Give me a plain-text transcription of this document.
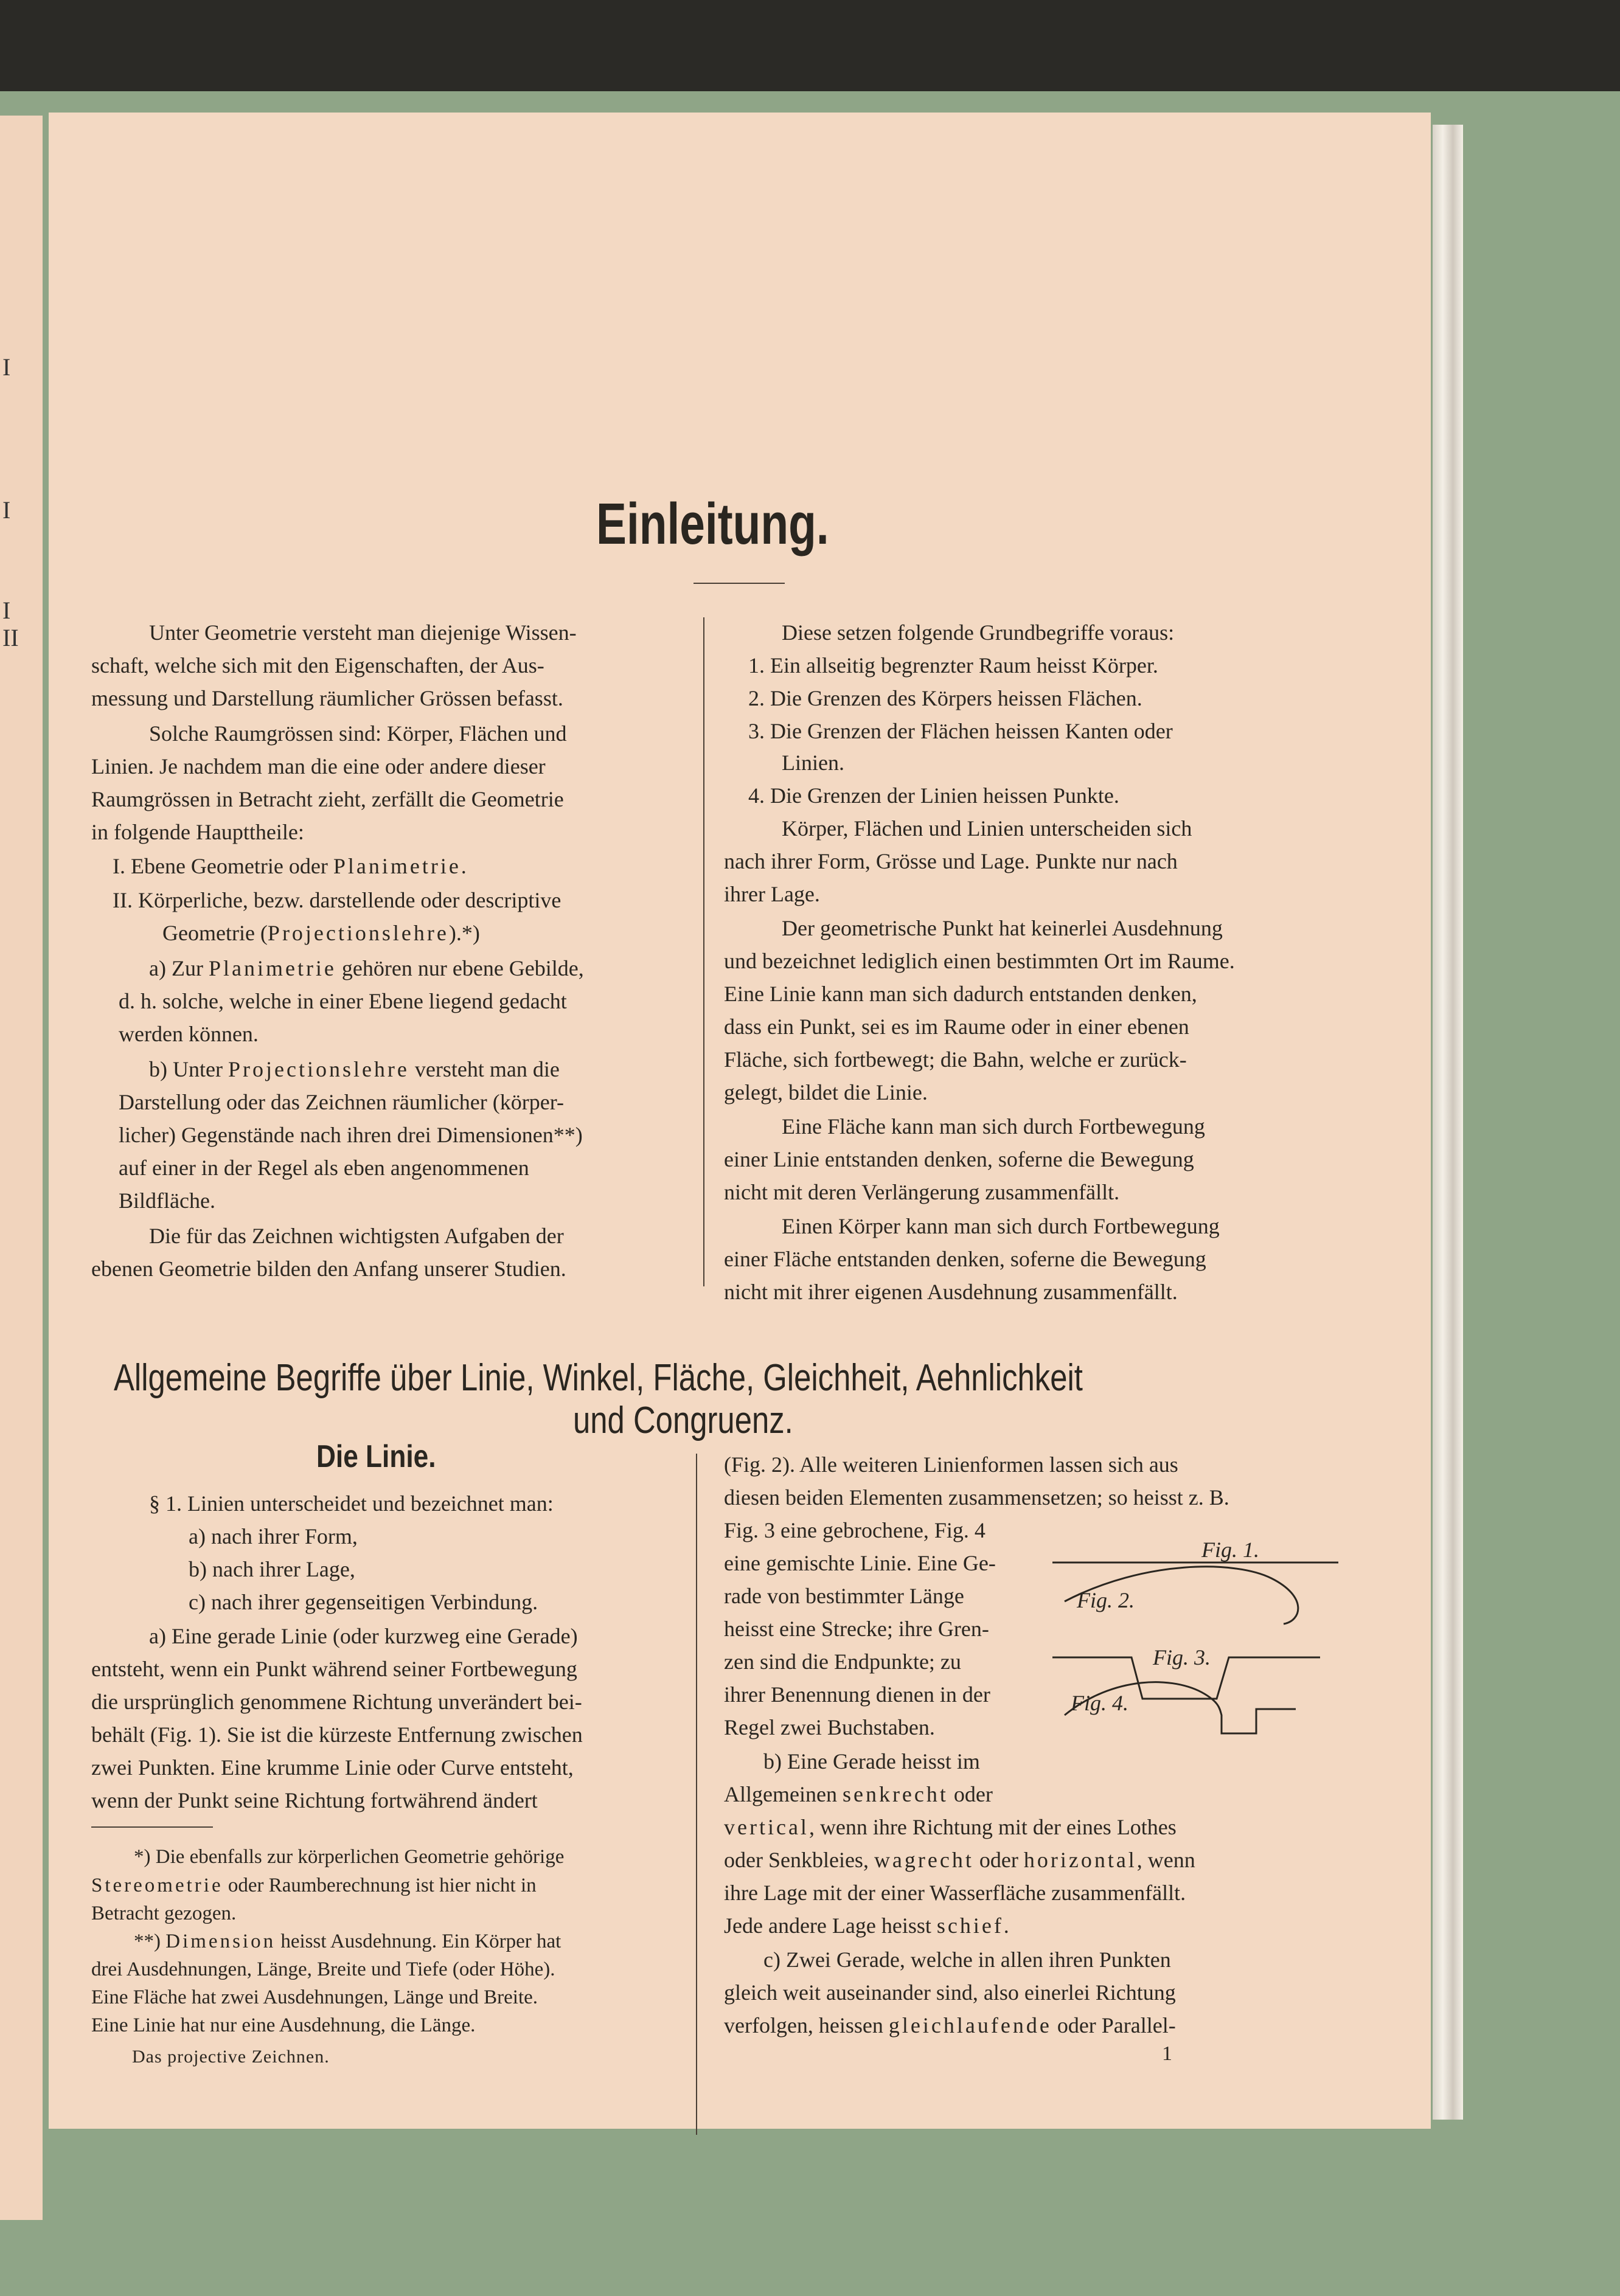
I
I
I
II
Einleitung.
Unter Geometrie versteht man diejenige Wissen-
schaft, welche sich mit den Eigenschaften, der Aus-
messung und Darstellung räumlicher Grössen befasst.
Solche Raumgrössen sind: Körper, Flächen und
Linien. Je nachdem man die eine oder andere dieser
Raumgrössen in Betracht zieht, zerfällt die Geometrie
in folgende Haupttheile:
I. Ebene Geometrie oder Planimetrie.
II. Körperliche, bezw. darstellende oder descriptive
Geometrie (Projectionslehre).*)
a) Zur Planimetrie gehören nur ebene Gebilde,
d. h. solche, welche in einer Ebene liegend gedacht
werden können.
b) Unter Projectionslehre versteht man die
Darstellung oder das Zeichnen räumlicher (körper-
licher) Gegenstände nach ihren drei Dimensionen**)
auf einer in der Regel als eben angenommenen
Bildfläche.
Die für das Zeichnen wichtigsten Aufgaben der
ebenen Geometrie bilden den Anfang unserer Studien.
Diese setzen folgende Grundbegriffe voraus:
1. Ein allseitig begrenzter Raum heisst Körper.
2. Die Grenzen des Körpers heissen Flächen.
3. Die Grenzen der Flächen heissen Kanten oder
Linien.
4. Die Grenzen der Linien heissen Punkte.
Körper, Flächen und Linien unterscheiden sich
nach ihrer Form, Grösse und Lage. Punkte nur nach
ihrer Lage.
Der geometrische Punkt hat keinerlei Ausdehnung
und bezeichnet lediglich einen bestimmten Ort im Raume.
Eine Linie kann man sich dadurch entstanden denken,
dass ein Punkt, sei es im Raume oder in einer ebenen
Fläche, sich fortbewegt; die Bahn, welche er zurück-
gelegt, bildet die Linie.
Eine Fläche kann man sich durch Fortbewegung
einer Linie entstanden denken, soferne die Bewegung
nicht mit deren Verlängerung zusammenfällt.
Einen Körper kann man sich durch Fortbewegung
einer Fläche entstanden denken, soferne die Bewegung
nicht mit ihrer eigenen Ausdehnung zusammenfällt.
Allgemeine Begriffe über Linie, Winkel, Fläche, Gleichheit, Aehnlichkeit
und Congruenz.
Die Linie.
§ 1. Linien unterscheidet und bezeichnet man:
a) nach ihrer Form,
b) nach ihrer Lage,
c) nach ihrer gegenseitigen Verbindung.
a) Eine gerade Linie (oder kurzweg eine Gerade)
entsteht, wenn ein Punkt während seiner Fortbewegung
die ursprünglich genommene Richtung unverändert bei-
behält (Fig. 1). Sie ist die kürzeste Entfernung zwischen
zwei Punkten. Eine krumme Linie oder Curve entsteht,
wenn der Punkt seine Richtung fortwährend ändert
*) Die ebenfalls zur körperlichen Geometrie gehörige
Stereometrie oder Raumberechnung ist hier nicht in
Betracht gezogen.
**) Dimension heisst Ausdehnung. Ein Körper hat
drei Ausdehnungen, Länge, Breite und Tiefe (oder Höhe).
Eine Fläche hat zwei Ausdehnungen, Länge und Breite.
Eine Linie hat nur eine Ausdehnung, die Länge.
(Fig. 2). Alle weiteren Linienformen lassen sich aus
diesen beiden Elementen zusammensetzen; so heisst z. B.
Fig. 3 eine gebrochene, Fig. 4
eine gemischte Linie. Eine Ge-
rade von bestimmter Länge
heisst eine Strecke; ihre Gren-
zen sind die Endpunkte; zu
ihrer Benennung dienen in der
Regel zwei Buchstaben.
b) Eine Gerade heisst im
Allgemeinen senkrecht oder
vertical, wenn ihre Richtung mit der eines Lothes
oder Senkbleies, wagrecht oder horizontal, wenn
ihre Lage mit der einer Wasserfläche zusammenfällt.
Jede andere Lage heisst schief.
c) Zwei Gerade, welche in allen ihren Punkten
gleich weit auseinander sind, also einerlei Richtung
verfolgen, heissen gleichlaufende oder Parallel-
Fig. 1.
Fig. 2.
Fig. 3.
Fig. 4.
Das projective Zeichnen.	1
